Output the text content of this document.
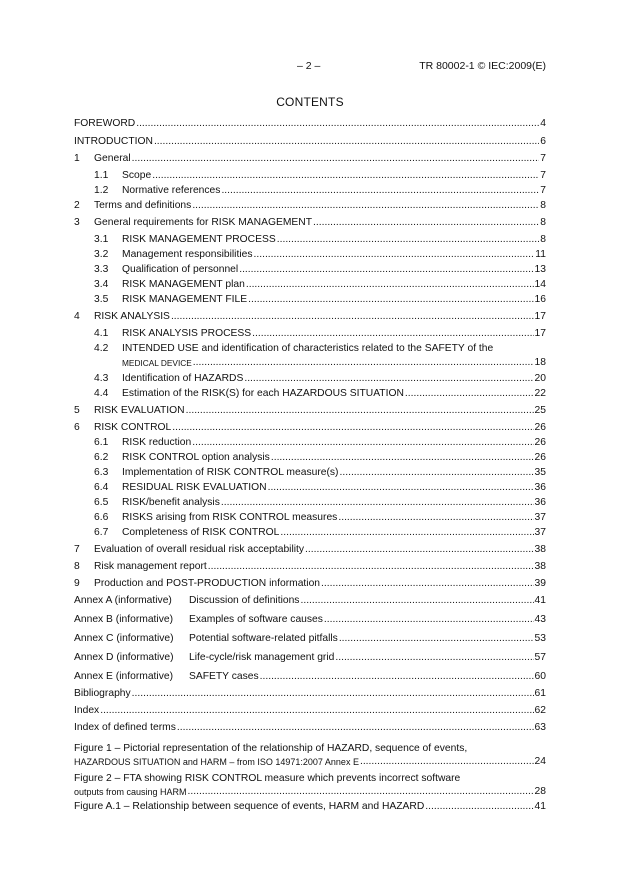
– 2 –	TR 80002-1 © IEC:2009(E)
CONTENTS
FOREWORD .....	4
INTRODUCTION .....	6
1	General .....	7
1.1	Scope .....	7
1.2	Normative references .....	7
2	Terms and definitions .....	8
3	General requirements for RISK MANAGEMENT .....	8
3.1	RISK MANAGEMENT PROCESS .....	8
3.2	Management responsibilities .....	11
3.3	Qualification of personnel .....	13
3.4	RISK MANAGEMENT plan .....	14
3.5	RISK MANAGEMENT FILE .....	16
4	RISK ANALYSIS .....	17
4.1	RISK ANALYSIS PROCESS .....	17
4.2	INTENDED USE and identification of characteristics related to the SAFETY of the
MEDICAL DEVICE .....	18
4.3	Identification of HAZARDS .....	20
4.4	Estimation of the RISK(S) for each HAZARDOUS SITUATION .....	22
5	RISK EVALUATION .....	25
6	RISK CONTROL .....	26
6.1	RISK reduction .....	26
6.2	RISK CONTROL option analysis .....	26
6.3	Implementation of RISK CONTROL measure(s) .....	35
6.4	RESIDUAL RISK EVALUATION .....	36
6.5	RISK/benefit analysis .....	36
6.6	RISKS arising from RISK CONTROL measures .....	37
6.7	Completeness of RISK CONTROL .....	37
7	Evaluation of overall residual risk acceptability .....	38
8	Risk management report .....	38
9	Production and POST-PRODUCTION information .....	39
Annex A (informative)	Discussion of definitions .....	41
Annex B (informative)	Examples of software causes .....	43
Annex C (informative)	Potential software-related pitfalls .....	53
Annex D (informative)	Life-cycle/risk management grid .....	57
Annex E (informative)	SAFETY cases .....	60
Bibliography .....	61
Index .....	62
Index of defined terms .....	63
Figure 1 – Pictorial representation of the relationship of HAZARD, sequence of events,
HAZARDOUS SITUATION and HARM – from ISO 14971:2007 Annex E .....	24
Figure 2 – FTA showing RISK CONTROL measure which prevents incorrect software
outputs from causing HARM .....	28
Figure A.1 – Relationship between sequence of events, HARM and HAZARD .....	41
